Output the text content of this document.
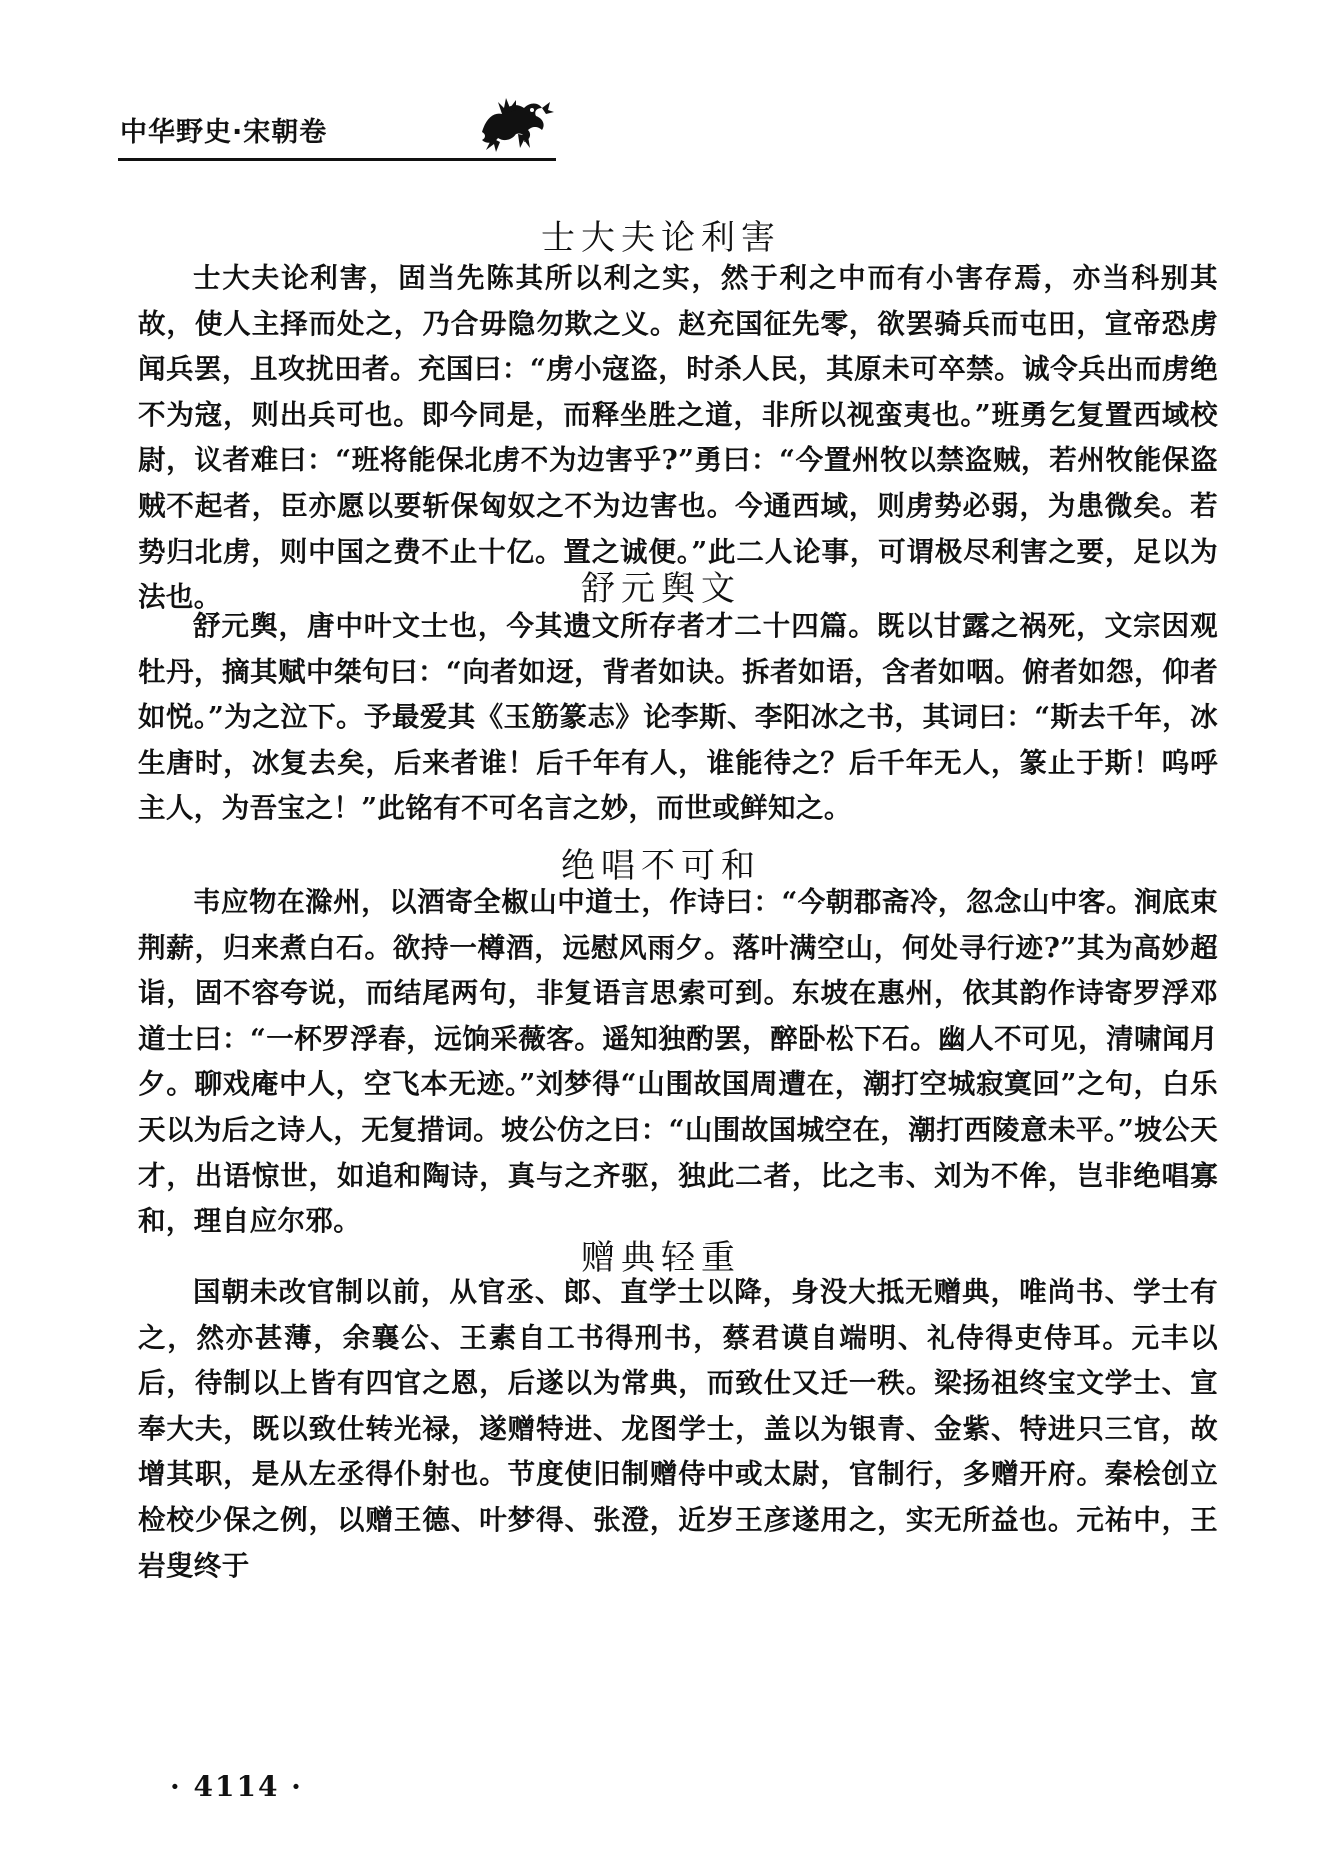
中华野史·宋朝卷
士大夫论利害

士大夫论利害，固当先陈其所以利之实，然于利之中而有小害存焉，亦当科别其故，使人主择而处之，乃合毋隐勿欺之义。赵充国征先零，欲罢骑兵而屯田，宣帝恐虏闻兵罢，且攻扰田者。充国曰：“虏小寇盗，时杀人民，其原未可卒禁。诚令兵出而虏绝不为寇，则出兵可也。即今同是，而释坐胜之道，非所以视蛮夷也。”班勇乞复置西域校尉，议者难曰：“班将能保北虏不为边害乎?”勇曰：“今置州牧以禁盗贼，若州牧能保盗贼不起者，臣亦愿以要斩保匈奴之不为边害也。今通西域，则虏势必弱，为患微矣。若势归北虏，则中国之费不止十亿。置之诚便。”此二人论事，可谓极尽利害之要，足以为法也。	舒元舆文

舒元舆，唐中叶文士也，今其遗文所存者才二十四篇。既以甘露之祸死，文宗因观牡丹，摘其赋中桀句曰：“向者如迓，背者如诀。拆者如语，含者如咽。俯者如怨，仰者如悦。”为之泣下。予最爱其《玉筋篆志》论李斯、李阳冰之书，其词曰：“斯去千年，冰生唐时，冰复去矣，后来者谁！后千年有人，谁能待之？后千年无人，篆止于斯！呜呼主人，为吾宝之！”此铭有不可名言之妙，而世或鲜知之。

绝唱不可和

韦应物在滁州，以酒寄全椒山中道士，作诗曰：“今朝郡斋冷，忽念山中客。涧底束荆薪，归来煮白石。欲持一樽酒，远慰风雨夕。落叶满空山，何处寻行迹?”其为高妙超诣，固不容夸说，而结尾两句，非复语言思索可到。东坡在惠州，依其韵作诗寄罗浮邓道士曰：“一杯罗浮春，远饷采薇客。遥知独酌罢，醉卧松下石。幽人不可见，清啸闻月夕。聊戏庵中人，空飞本无迹。”刘梦得“山围故国周遭在，潮打空城寂寞回”之句，白乐天以为后之诗人，无复措词。坡公仿之曰：“山围故国城空在，潮打西陵意未平。”坡公天才，出语惊世，如追和陶诗，真与之齐驱，独此二者，比之韦、刘为不侔，岂非绝唱寡和，理自应尔邪。

赠典轻重

国朝未改官制以前，从官丞、郎、直学士以降，身没大抵无赠典，唯尚书、学士有之，然亦甚薄，余襄公、王素自工书得刑书，蔡君谟自端明、礼侍得吏侍耳。元丰以后，待制以上皆有四官之恩，后遂以为常典，而致仕又迁一秩。梁扬祖终宝文学士、宣奉大夫，既以致仕转光禄，遂赠特进、龙图学士，盖以为银青、金紫、特进只三官，故增其职，是从左丞得仆射也。节度使旧制赠侍中或太尉，官制行，多赠开府。秦桧创立检校少保之例，以赠王德、叶梦得、张澄，近岁王彦遂用之，实无所益也。元祐中，王岩叟终于

· 4114 ·
